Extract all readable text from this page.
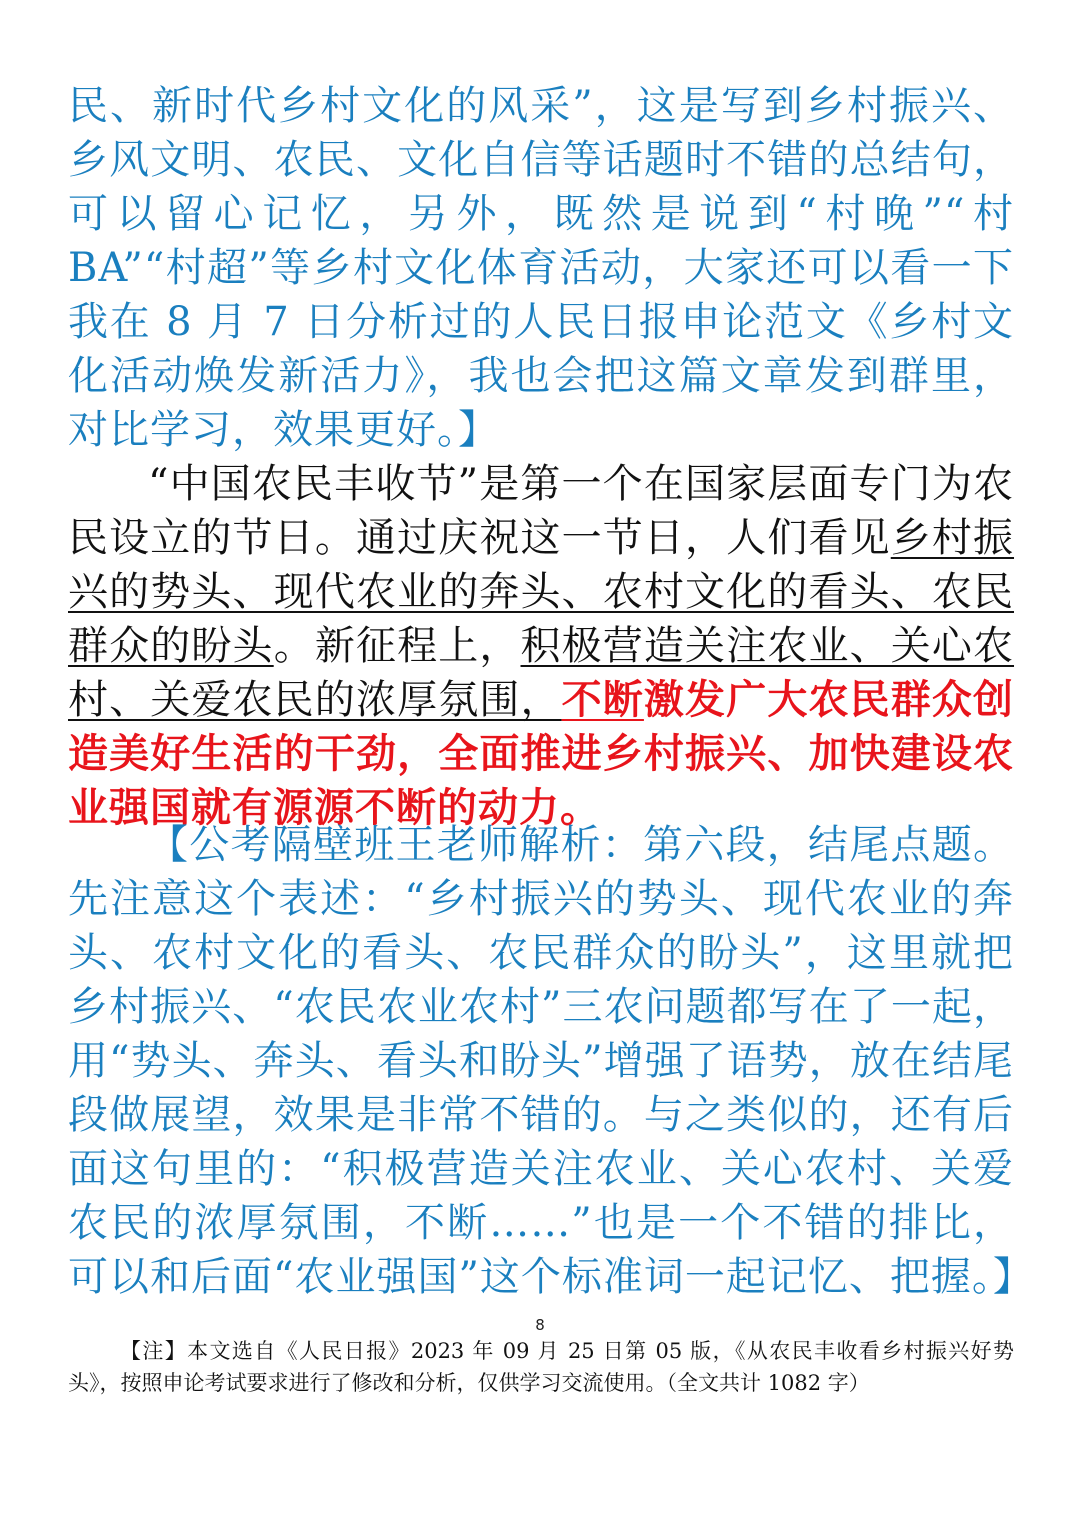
民、新时代乡村文化的风采”，这是写到乡村振兴、乡风文明、农民、文化自信等话题时不错的总结句，可以留心记忆，另外，既然是说到“村晚”“村 BA”“村超”等乡村文化体育活动，大家还可以看一下我在 8 月 7 日分析过的人民日报申论范文《乡村文化活动焕发新活力》，我也会把这篇文章发到群里，对比学习，效果更好。】

“中国农民丰收节”是第一个在国家层面专门为农民设立的节日。通过庆祝这一节日，人们看见乡村振兴的势头、现代农业的奔头、农村文化的看头、农民群众的盼头。新征程上，积极营造关注农业、关心农村、关爱农民的浓厚氛围，不断激发广大农民群众创造美好生活的干劲，全面推进乡村振兴、加快建设农业强国就有源源不断的动力。

【公考隔壁班王老师解析：第六段，结尾点题。先注意这个表述：“乡村振兴的势头、现代农业的奔头、农村文化的看头、农民群众的盼头”，这里就把乡村振兴、“农民农业农村”三农问题都写在了一起，用“势头、奔头、看头和盼头”增强了语势，放在结尾段做展望，效果是非常不错的。与之类似的，还有后面这句里的：“积极营造关注农业、关心农村、关爱农民的浓厚氛围，不断……”也是一个不错的排比，可以和后面“农业强国”这个标准词一起记忆、把握。】

8

【注】本文选自《人民日报》2023 年 09 月 25 日第 05 版，《从农民丰收看乡村振兴好势头》，按照申论考试要求进行了修改和分析，仅供学习交流使用。（全文共计 1082 字）
